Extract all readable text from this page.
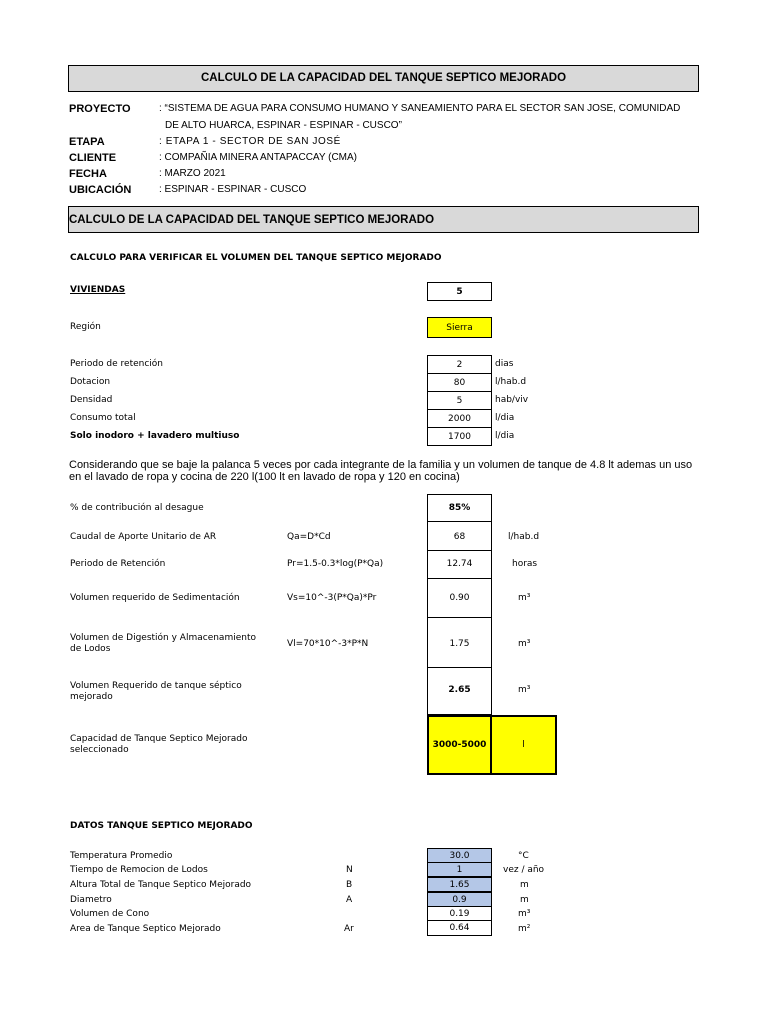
CALCULO DE LA CAPACIDAD DEL TANQUE SEPTICO MEJORADO
PROYECTO	: “SISTEMA DE AGUA PARA CONSUMO HUMANO Y SANEAMIENTO PARA EL SECTOR SAN JOSE, COMUNIDAD
DE ALTO HUARCA, ESPINAR - ESPINAR - CUSCO”
ETAPA	: ETAPA 1 - SECTOR DE SAN JOSÉ
CLIENTE	: COMPAÑIA MINERA ANTAPACCAY (CMA)
FECHA	: MARZO 2021
UBICACIÓN	: ESPINAR - ESPINAR - CUSCO
CALCULO DE LA CAPACIDAD DEL TANQUE SEPTICO MEJORADO
CALCULO PARA VERIFICAR EL VOLUMEN DEL TANQUE SEPTICO MEJORADO
VIVIENDAS	5
Región	Sierra
Periodo de retención	2	dias
Dotacion	80	l/hab.d
Densidad	5	hab/viv
Consumo total	2000	l/dia
Solo inodoro + lavadero multiuso	1700	l/dia
Considerando que se baje la palanca 5 veces por cada integrante de la familia y un volumen de tanque de 4.8 lt ademas un uso en el lavado de ropa y cocina de 220 l(100 lt en lavado de ropa y 120 en cocina)
% de contribución al desague	85%
Caudal de Aporte Unitario de AR	Qa=D*Cd	68	l/hab.d
Periodo de Retención	Pr=1.5-0.3*log(P*Qa)	12.74	horas
Volumen requerido de Sedimentación	Vs=10^-3(P*Qa)*Pr	0.90	m³
Volumen de Digestión y Almacenamiento
de Lodos	Vl=70*10^-3*P*N	1.75	m³
Volumen Requerido de tanque séptico
mejorado
2.65	m³
Capacidad de Tanque Septico Mejorado
seleccionado	3000-5000	l
DATOS TANQUE SEPTICO MEJORADO
Temperatura Promedio	30.0	°C
Tiempo de Remocion de Lodos	N	1	vez / año
Altura Total de Tanque Septico Mejorado	B	1.65	m
Diametro	A	0.9	m
Volumen de Cono	0.19	m³
Area de Tanque Septico Mejorado	Ar	0.64	m²
